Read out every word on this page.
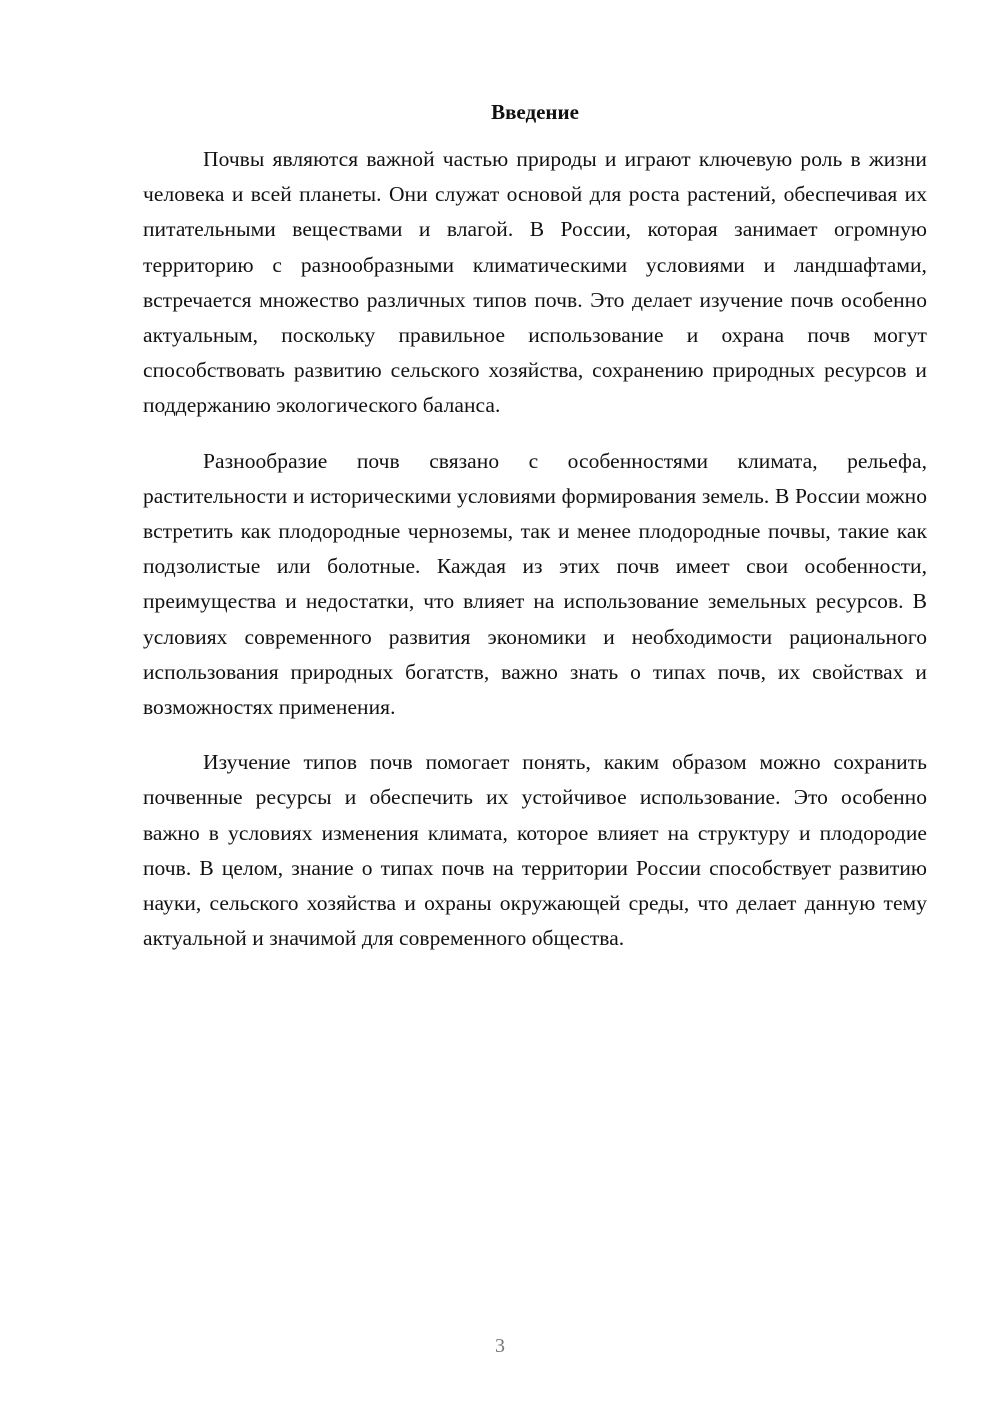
Введение

Почвы являются важной частью природы и играют ключевую роль в жизни человека и всей планеты. Они служат основой для роста растений, обеспечивая их питательными веществами и влагой. В России, которая занимает огромную территорию с разнообразными климатическими условиями и ландшафтами, встречается множество различных типов почв. Это делает изучение почв особенно актуальным, поскольку правильное использование и охрана почв могут способствовать развитию сельского хозяйства, сохранению природных ресурсов и поддержанию экологического баланса.

Разнообразие почв связано с особенностями климата, рельефа, растительности и историческими условиями формирования земель. В России можно встретить как плодородные черноземы, так и менее плодородные почвы, такие как подзолистые или болотные. Каждая из этих почв имеет свои особенности, преимущества и недостатки, что влияет на использование земельных ресурсов. В условиях современного развития экономики и необходимости рационального использования природных богатств, важно знать о типах почв, их свойствах и возможностях применения.

Изучение типов почв помогает понять, каким образом можно сохранить почвенные ресурсы и обеспечить их устойчивое использование. Это особенно важно в условиях изменения климата, которое влияет на структуру и плодородие почв. В целом, знание о типах почв на территории России способствует развитию науки, сельского хозяйства и охраны окружающей среды, что делает данную тему актуальной и значимой для современного общества.

3
